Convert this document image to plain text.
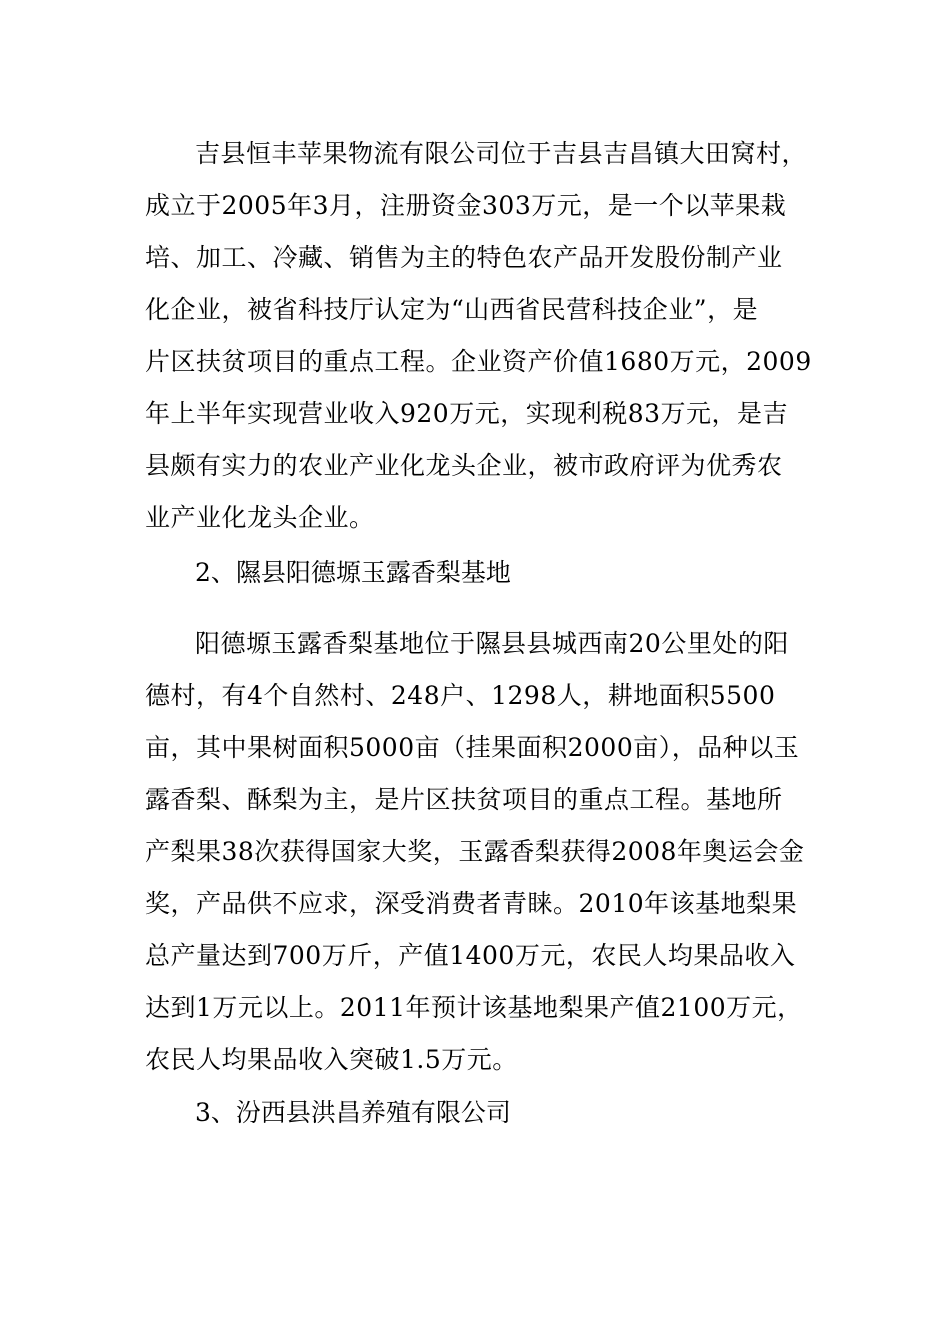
吉县恒丰苹果物流有限公司位于吉县吉昌镇大田窝村，
成立于2005年3月，注册资金303万元，是一个以苹果栽
培、加工、冷藏、销售为主的特色农产品开发股份制产业
化企业，被省科技厅认定为“山西省民营科技企业”，是
片区扶贫项目的重点工程。企业资产价值1680万元，2009
年上半年实现营业收入920万元，实现利税83万元，是吉
县颇有实力的农业产业化龙头企业，被市政府评为优秀农
业产业化龙头企业。
2、隰县阳德塬玉露香梨基地
阳德塬玉露香梨基地位于隰县县城西南20公里处的阳
德村，有4个自然村、248户、1298人，耕地面积5500
亩，其中果树面积5000亩（挂果面积2000亩），品种以玉
露香梨、酥梨为主，是片区扶贫项目的重点工程。基地所
产梨果38次获得国家大奖，玉露香梨获得2008年奥运会金
奖，产品供不应求，深受消费者青睐。2010年该基地梨果
总产量达到700万斤，产值1400万元，农民人均果品收入
达到1万元以上。2011年预计该基地梨果产值2100万元，
农民人均果品收入突破1.5万元。
3、汾西县洪昌养殖有限公司
